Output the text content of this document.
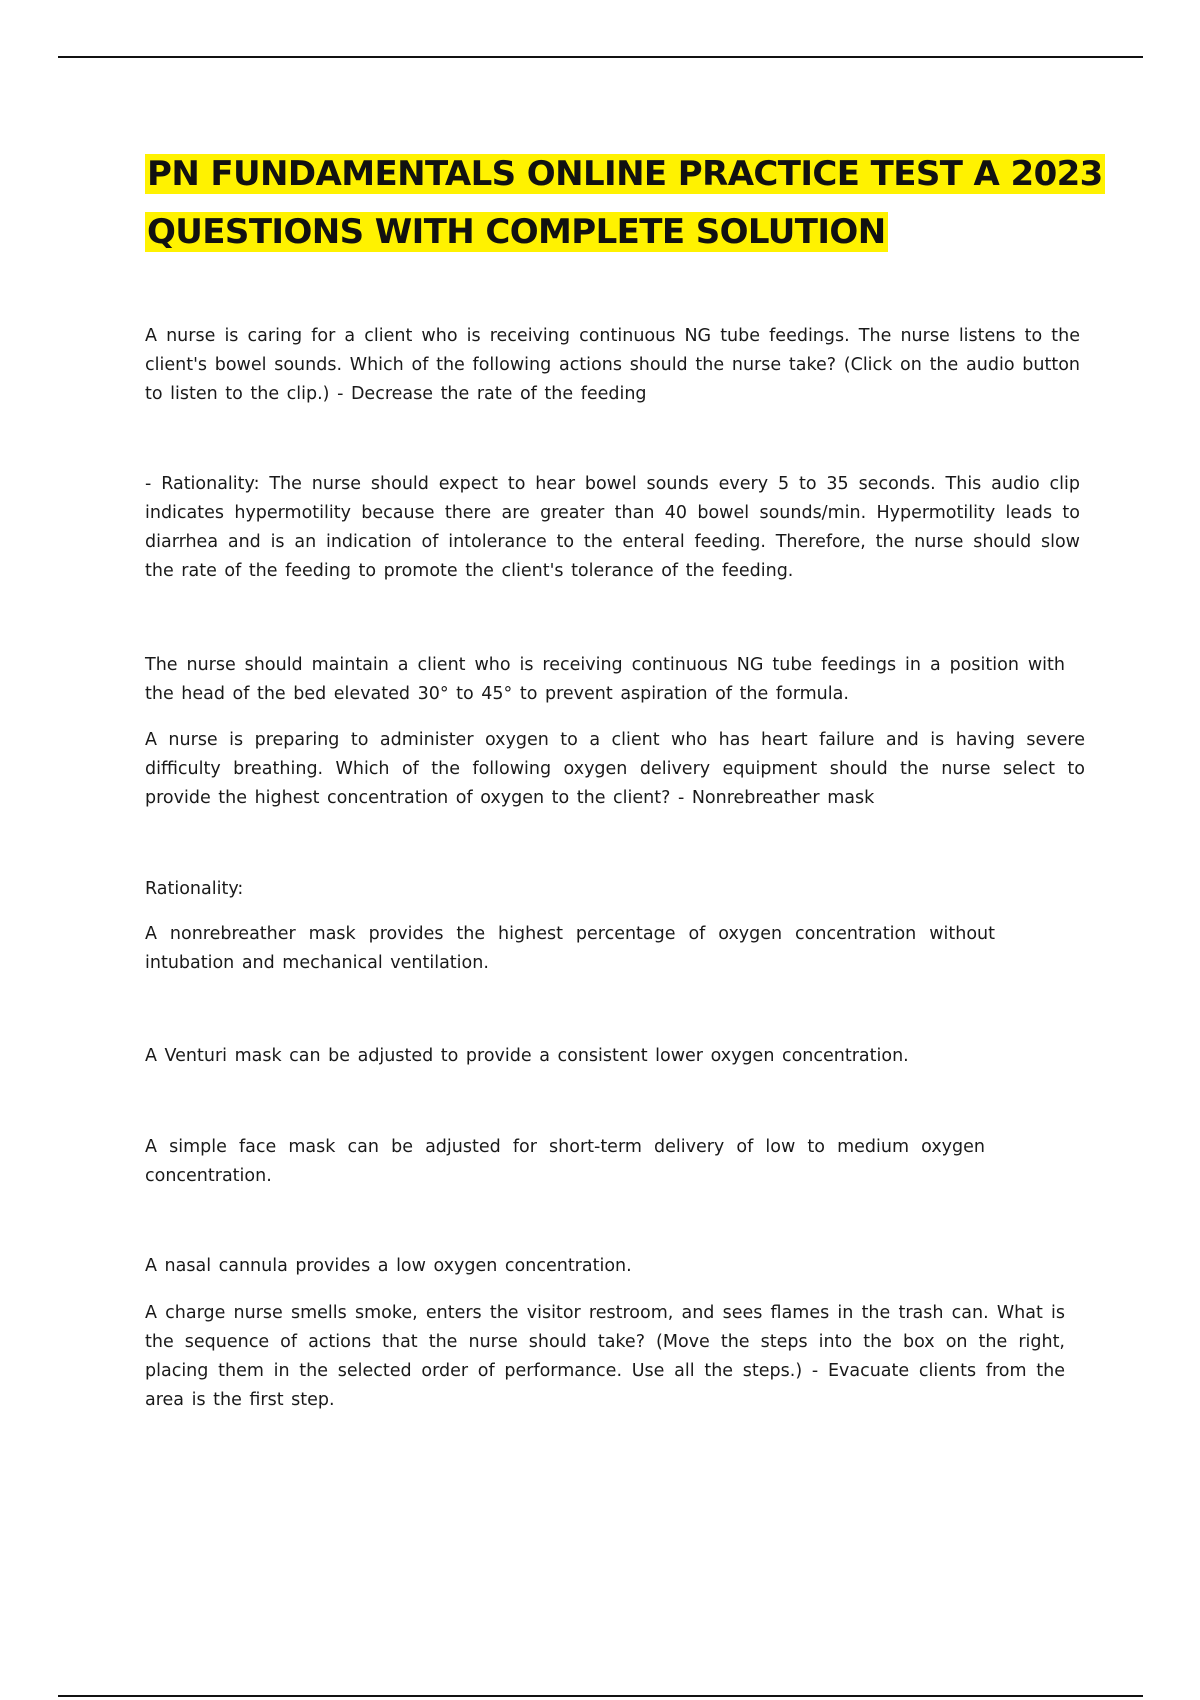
PN FUNDAMENTALS ONLINE PRACTICE TEST A 2023
QUESTIONS WITH COMPLETE SOLUTION

A nurse is caring for a client who is receiving continuous NG tube feedings. The nurse listens to the client's bowel sounds. Which of the following actions should the nurse take? (Click on the audio button to listen to the clip.) - Decrease the rate of the feeding

- Rationality: The nurse should expect to hear bowel sounds every 5 to 35 seconds. This audio clip indicates hypermotility because there are greater than 40 bowel sounds/min. Hypermotility leads to diarrhea and is an indication of intolerance to the enteral feeding. Therefore, the nurse should slow the rate of the feeding to promote the client's tolerance of the feeding.

The nurse should maintain a client who is receiving continuous NG tube feedings in a position with the head of the bed elevated 30° to 45° to prevent aspiration of the formula.

A nurse is preparing to administer oxygen to a client who has heart failure and is having severe difficulty breathing. Which of the following oxygen delivery equipment should the nurse select to provide the highest concentration of oxygen to the client? - Nonrebreather mask

Rationality:

A nonrebreather mask provides the highest percentage of oxygen concentration without intubation and mechanical ventilation.

A Venturi mask can be adjusted to provide a consistent lower oxygen concentration.

A simple face mask can be adjusted for short-term delivery of low to medium oxygen concentration.

A nasal cannula provides a low oxygen concentration.

A charge nurse smells smoke, enters the visitor restroom, and sees flames in the trash can. What is the sequence of actions that the nurse should take? (Move the steps into the box on the right, placing them in the selected order of performance. Use all the steps.) - Evacuate clients from the area is the first step.
